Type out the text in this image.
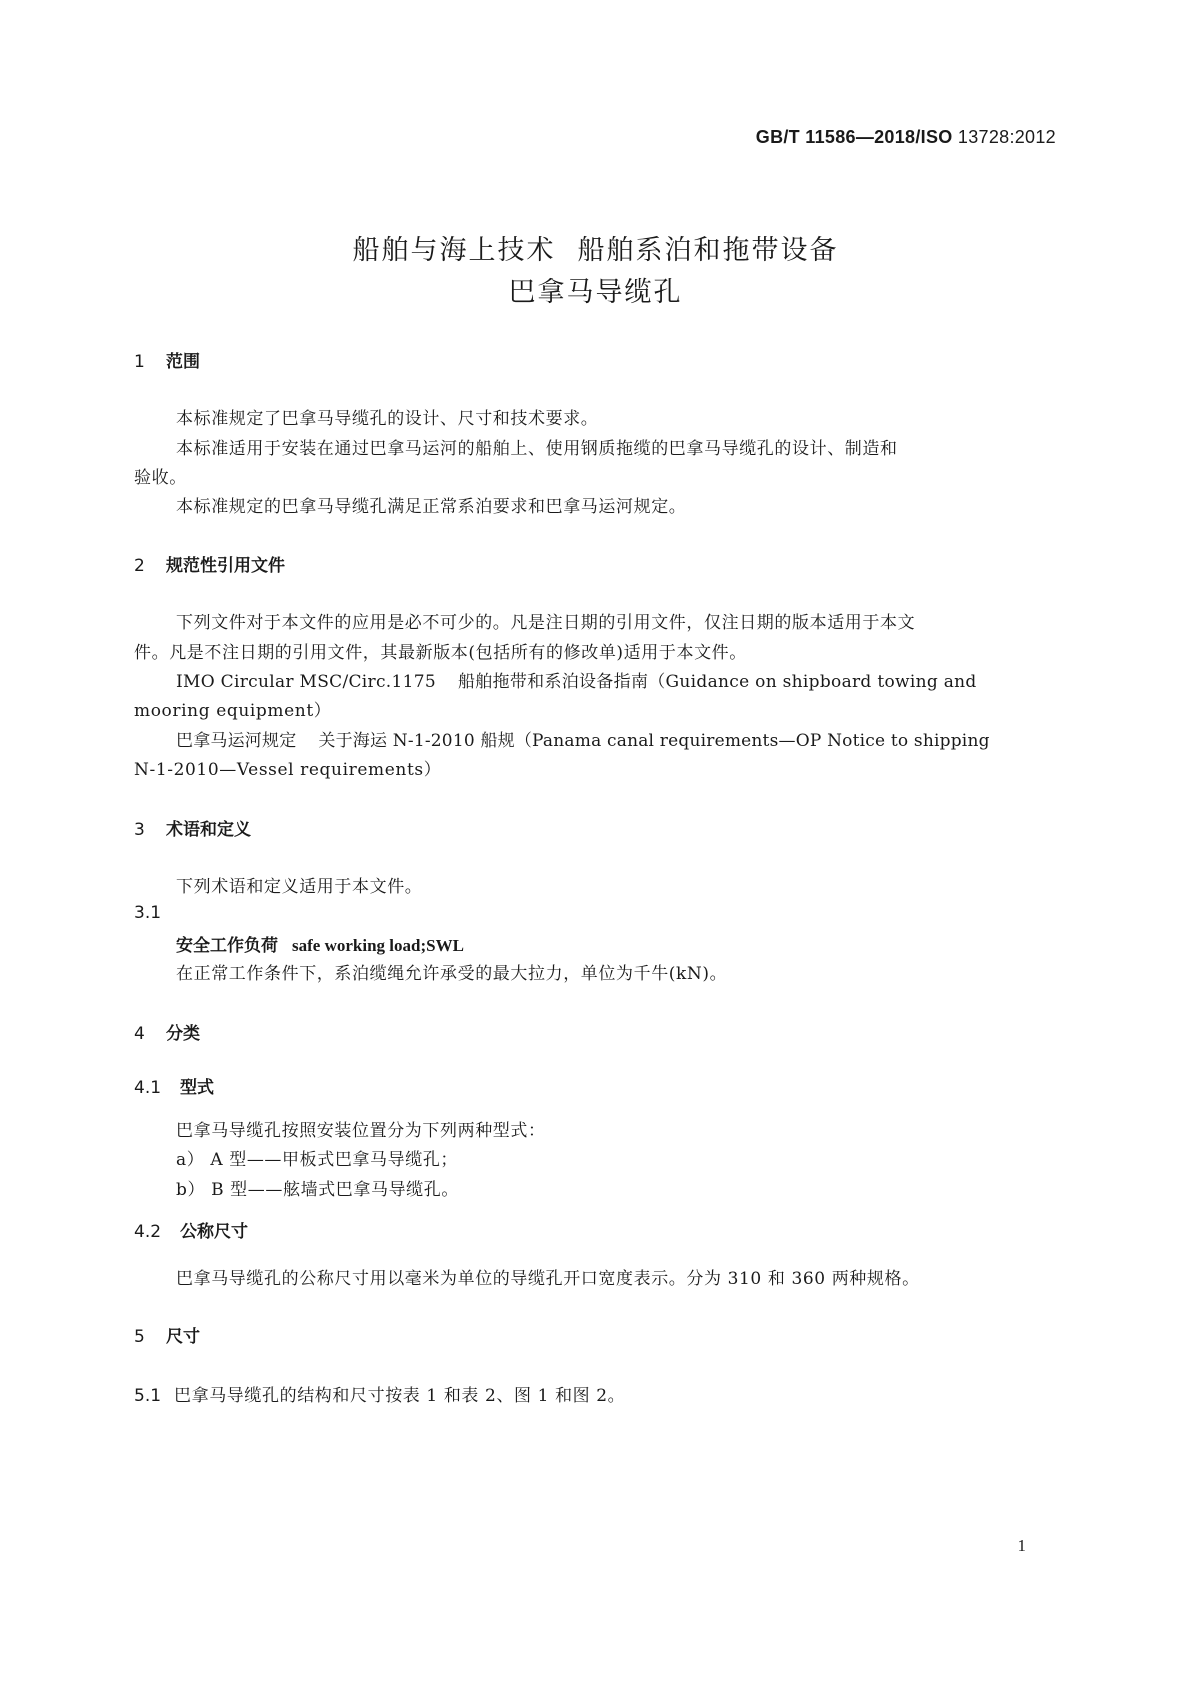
GB/T 11586—2018/ISO 13728:2012
船舶与海上技术 船舶系泊和拖带设备
巴拿马导缆孔
1 范围
本标准规定了巴拿马导缆孔的设计、尺寸和技术要求。
本标准适用于安装在通过巴拿马运河的船舶上、使用钢质拖缆的巴拿马导缆孔的设计、制造和
验收。
本标准规定的巴拿马导缆孔满足正常系泊要求和巴拿马运河规定。
2 规范性引用文件
下列文件对于本文件的应用是必不可少的。凡是注日期的引用文件，仅注日期的版本适用于本文
件。凡是不注日期的引用文件，其最新版本(包括所有的修改单)适用于本文件。
IMO Circular MSC/Circ.1175 船舶拖带和系泊设备指南（Guidance on shipboard towing and
mooring equipment）
巴拿马运河规定 关于海运 N-1-2010 船规（Panama canal requirements—OP Notice to shipping
N-1-2010—Vessel requirements）
3 术语和定义
下列术语和定义适用于本文件。
3.1
安全工作负荷 safe working load;SWL
在正常工作条件下，系泊缆绳允许承受的最大拉力，单位为千牛(kN)。
4 分类
4.1 型式
巴拿马导缆孔按照安装位置分为下列两种型式：
a） A 型——甲板式巴拿马导缆孔；
b） B 型——舷墙式巴拿马导缆孔。
4.2 公称尺寸
巴拿马导缆孔的公称尺寸用以毫米为单位的导缆孔开口宽度表示。分为 310 和 360 两种规格。
5 尺寸
5.1 巴拿马导缆孔的结构和尺寸按表 1 和表 2、图 1 和图 2。
1
